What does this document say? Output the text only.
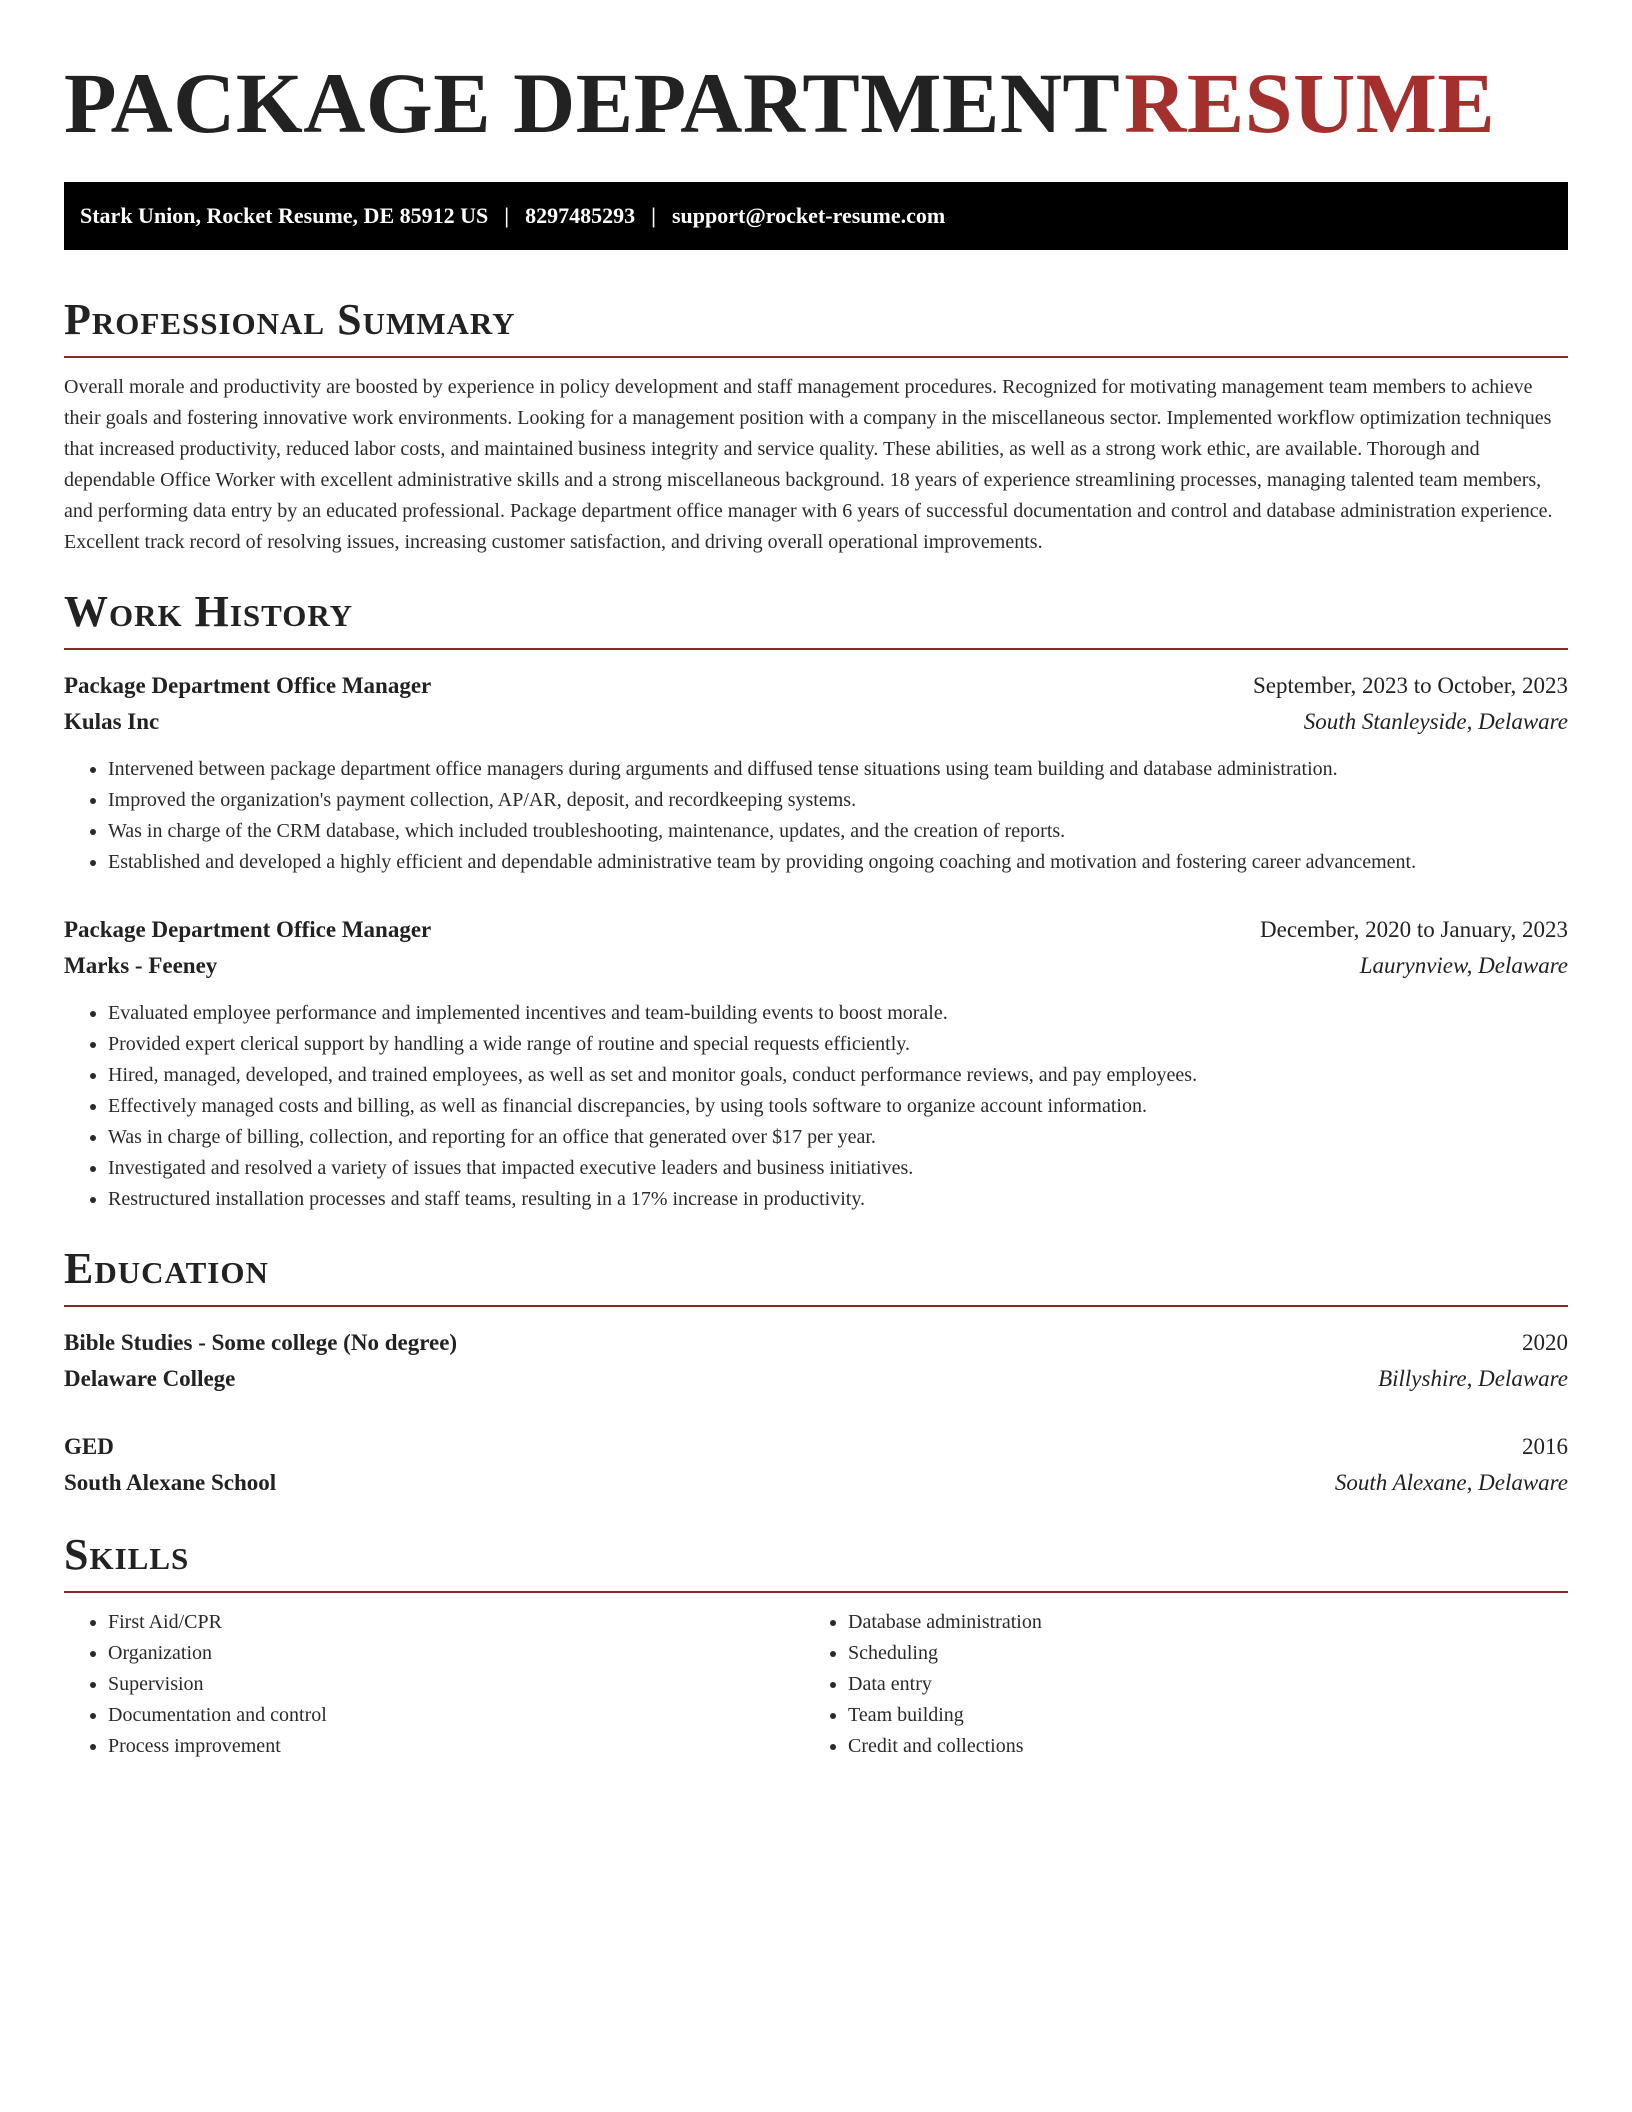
PACKAGE DEPARTMENT RESUME
Stark Union, Rocket Resume, DE 85912 US | 8297485293 | support@rocket-resume.com
Professional Summary
Overall morale and productivity are boosted by experience in policy development and staff management procedures. Recognized for motivating management team members to achieve their goals and fostering innovative work environments. Looking for a management position with a company in the miscellaneous sector. Implemented workflow optimization techniques that increased productivity, reduced labor costs, and maintained business integrity and service quality. These abilities, as well as a strong work ethic, are available. Thorough and dependable Office Worker with excellent administrative skills and a strong miscellaneous background. 18 years of experience streamlining processes, managing talented team members, and performing data entry by an educated professional. Package department office manager with 6 years of successful documentation and control and database administration experience. Excellent track record of resolving issues, increasing customer satisfaction, and driving overall operational improvements.
Work History
Package Department Office Manager	September, 2023 to October, 2023
Kulas Inc	South Stanleyside, Delaware
• Intervened between package department office managers during arguments and diffused tense situations using team building and database administration.
• Improved the organization's payment collection, AP/AR, deposit, and recordkeeping systems.
• Was in charge of the CRM database, which included troubleshooting, maintenance, updates, and the creation of reports.
• Established and developed a highly efficient and dependable administrative team by providing ongoing coaching and motivation and fostering career advancement.
Package Department Office Manager	December, 2020 to January, 2023
Marks - Feeney	Laurynview, Delaware
• Evaluated employee performance and implemented incentives and team-building events to boost morale.
• Provided expert clerical support by handling a wide range of routine and special requests efficiently.
• Hired, managed, developed, and trained employees, as well as set and monitor goals, conduct performance reviews, and pay employees.
• Effectively managed costs and billing, as well as financial discrepancies, by using tools software to organize account information.
• Was in charge of billing, collection, and reporting for an office that generated over $17 per year.
• Investigated and resolved a variety of issues that impacted executive leaders and business initiatives.
• Restructured installation processes and staff teams, resulting in a 17% increase in productivity.
Education
Bible Studies - Some college (No degree)	2020
Delaware College	Billyshire, Delaware
GED	2016
South Alexane School	South Alexane, Delaware
Skills
• First Aid/CPR
• Organization
• Supervision
• Documentation and control
• Process improvement
• Database administration
• Scheduling
• Data entry
• Team building
• Credit and collections
